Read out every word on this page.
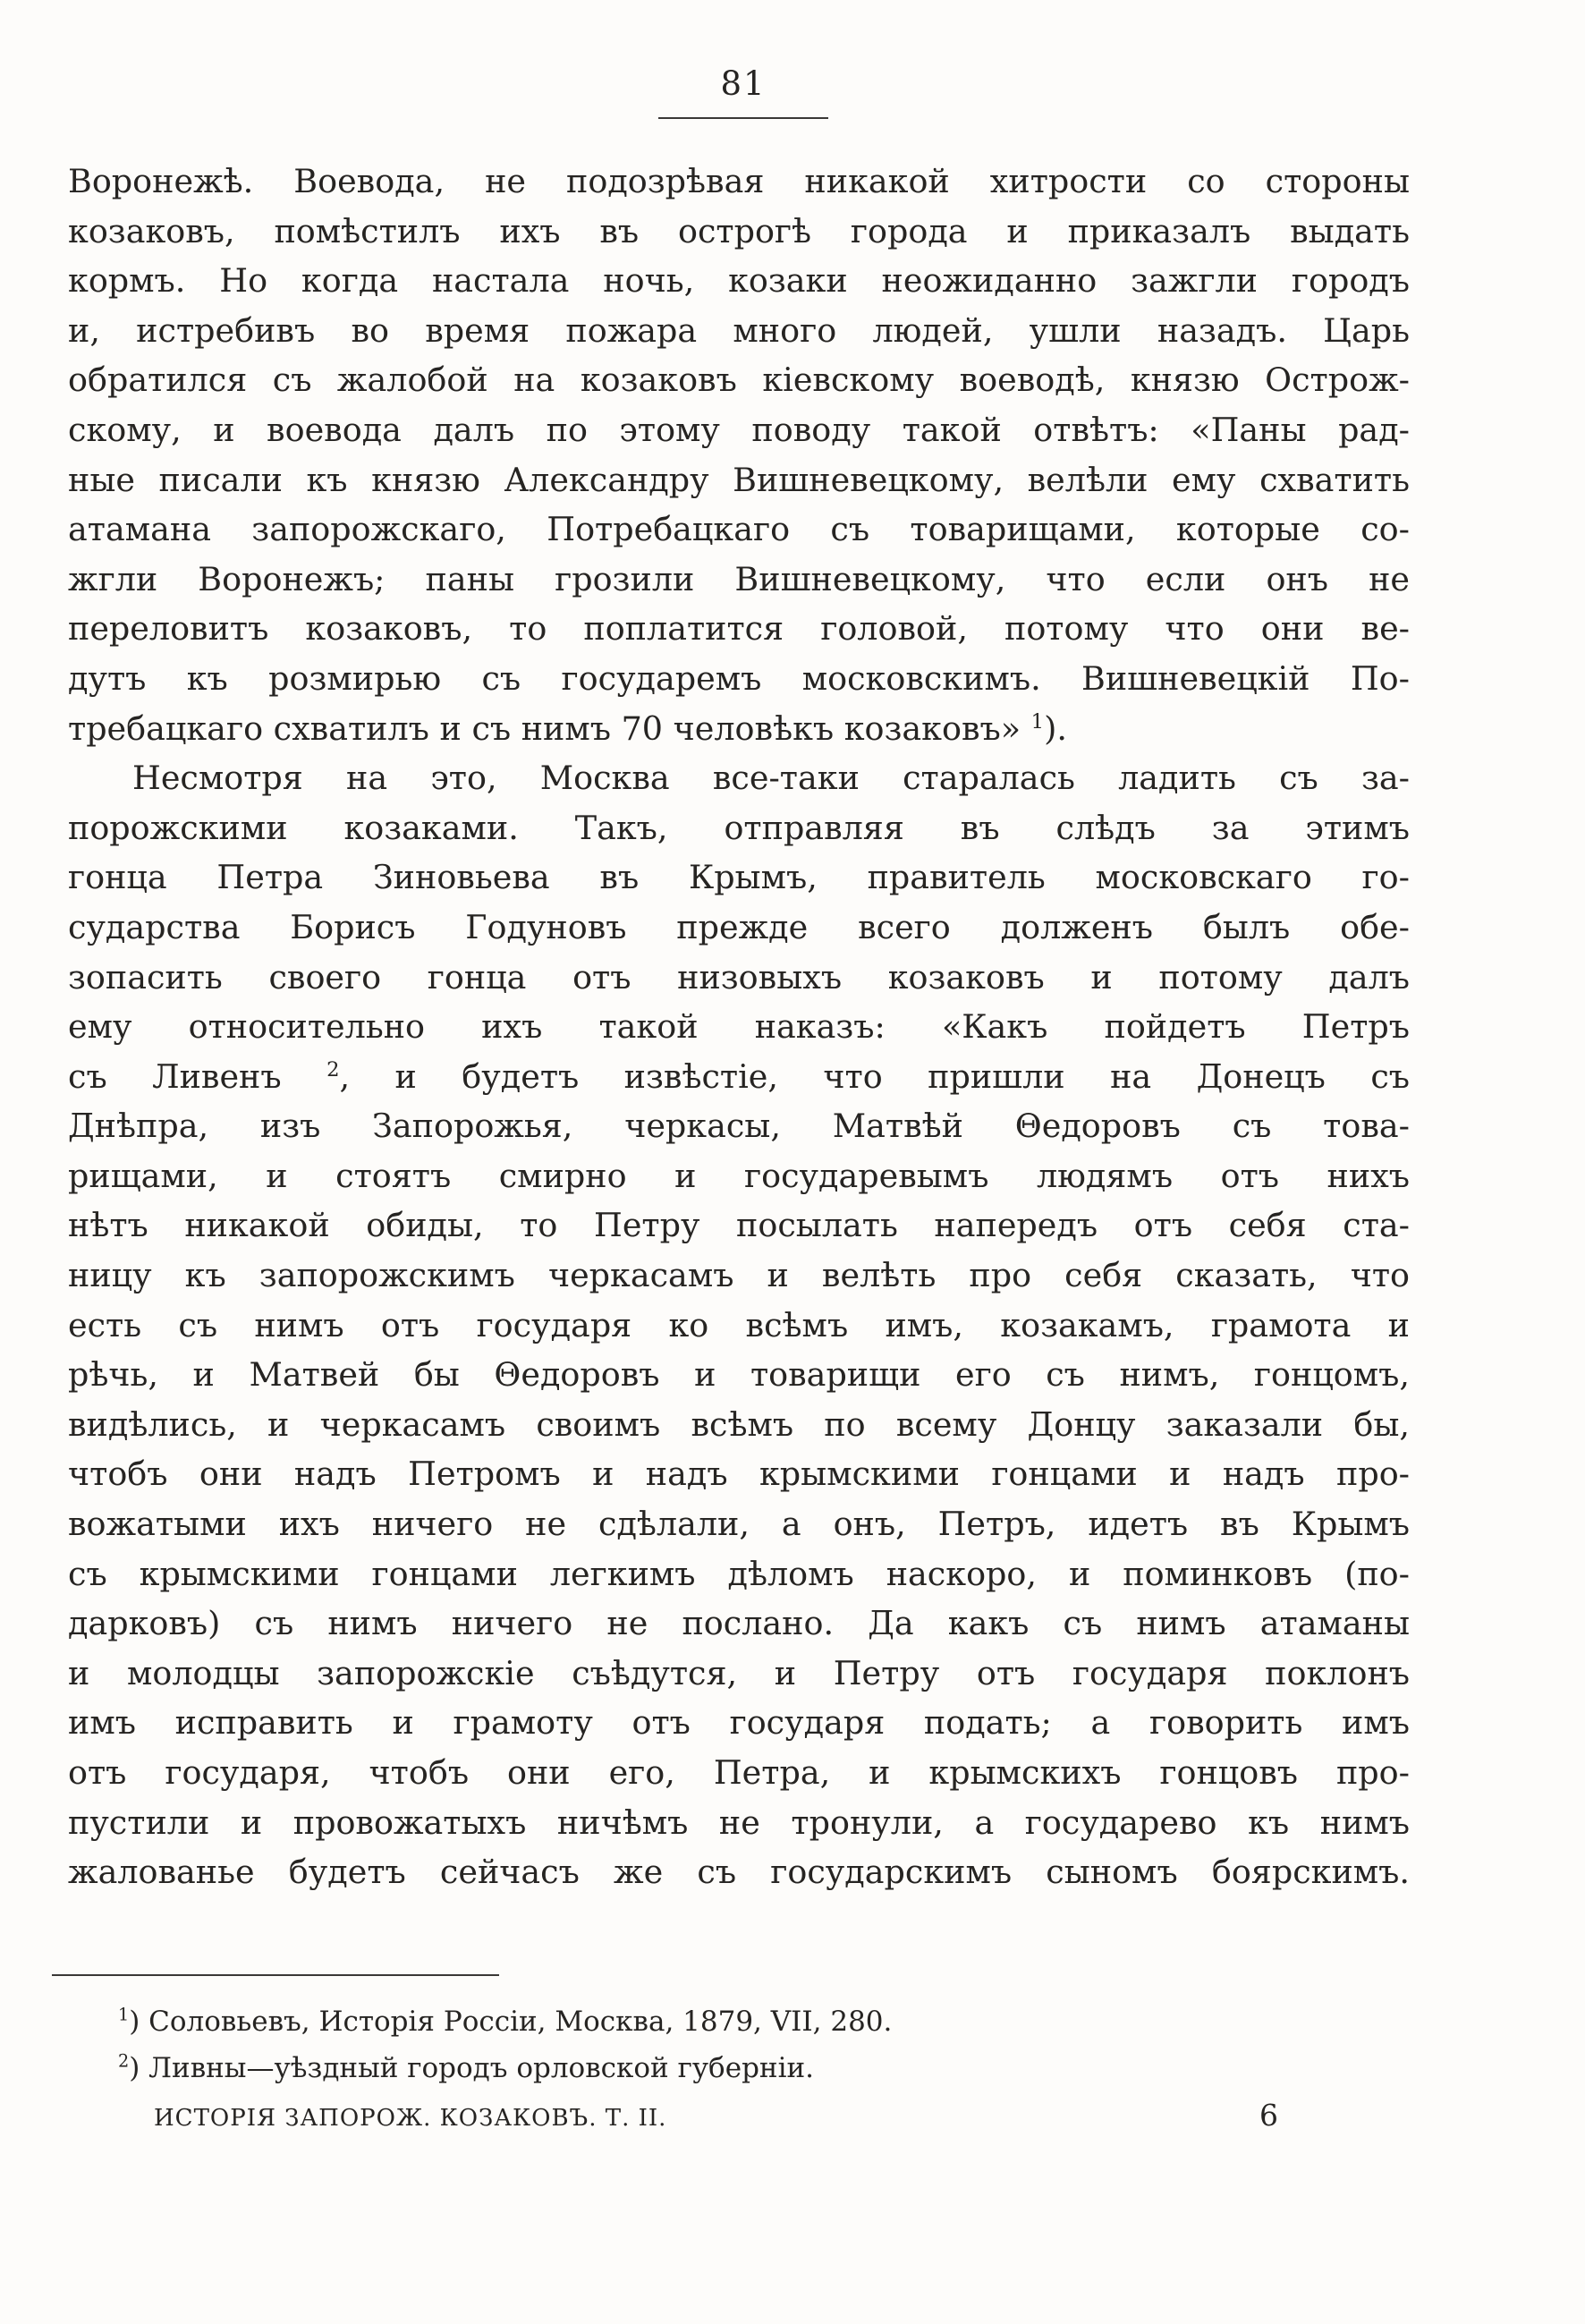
81
Воронежѣ. Воевода, не подозрѣвая никакой хитрости со стороны
козаковъ, помѣстилъ ихъ въ острогѣ города и приказалъ выдать
кормъ. Но когда настала ночь, козаки неожиданно зажгли городъ
и, истребивъ во время пожара много людей, ушли назадъ. Царь
обратился съ жалобой на козаковъ кіевскому воеводѣ, князю Острож-
скому, и воевода далъ по этому поводу такой отвѣтъ: «Паны рад-
ные писали къ князю Александру Вишневецкому, велѣли ему схватить
атамана запорожскаго, Потребацкаго съ товарищами, которые со-
жгли Воронежъ; паны грозили Вишневецкому, что если онъ не
переловитъ козаковъ, то поплатится головой, потому что они ве-
дутъ къ розмирью съ государемъ московскимъ. Вишневецкій По-
требацкаго схватилъ и съ нимъ 70 человѣкъ козаковъ» $^1$).
Несмотря на это, Москва все-таки старалась ладить съ за-
порожскими козаками. Такъ, отправляя въ слѣдъ за этимъ
гонца Петра Зиновьева въ Крымъ, правитель московскаго го-
сударства Борисъ Годуновъ прежде всего долженъ былъ обе-
зопасить своего гонца отъ низовыхъ козаковъ и потому далъ
ему относительно ихъ такой наказъ: «Какъ пойдетъ Петръ
съ Ливенъ $^2$, и будетъ извѣстіе, что пришли на Донецъ съ
Днѣпра, изъ Запорожья, черкасы, Матвѣй Θедоровъ съ това-
рищами, и стоятъ смирно и государевымъ людямъ отъ нихъ
нѣтъ никакой обиды, то Петру посылать напередъ отъ себя ста-
ницу къ запорожскимъ черкасамъ и велѣть про себя сказать, что
есть съ нимъ отъ государя ко всѣмъ имъ, козакамъ, грамота и
рѣчь, и Матвей бы Θедоровъ и товарищи его съ нимъ, гонцомъ,
видѣлись, и черкасамъ своимъ всѣмъ по всему Донцу заказали бы,
чтобъ они надъ Петромъ и надъ крымскими гонцами и надъ про-
вожатыми ихъ ничего не сдѣлали, а онъ, Петръ, идетъ въ Крымъ
съ крымскими гонцами легкимъ дѣломъ наскоро, и поминковъ (по-
дарковъ) съ нимъ ничего не послано. Да какъ съ нимъ атаманы
и молодцы запорожскіе съѣдутся, и Петру отъ государя поклонъ
имъ исправить и грамоту отъ государя подать; а говорить имъ
отъ государя, чтобъ они его, Петра, и крымскихъ гонцовъ про-
пустили и провожатыхъ ничѣмъ не тронули, а государево къ нимъ
жалованье будетъ сейчасъ же съ государскимъ сыномъ боярскимъ.
$^1$) Соловьевъ, Исторія Россіи, Москва, 1879, VII, 280.
$^2$) Ливны—уѣздный городъ орловской губерніи.
ИСТОРІЯ ЗАПОРОЖ. КОЗАКОВЪ. Т. II.	6
